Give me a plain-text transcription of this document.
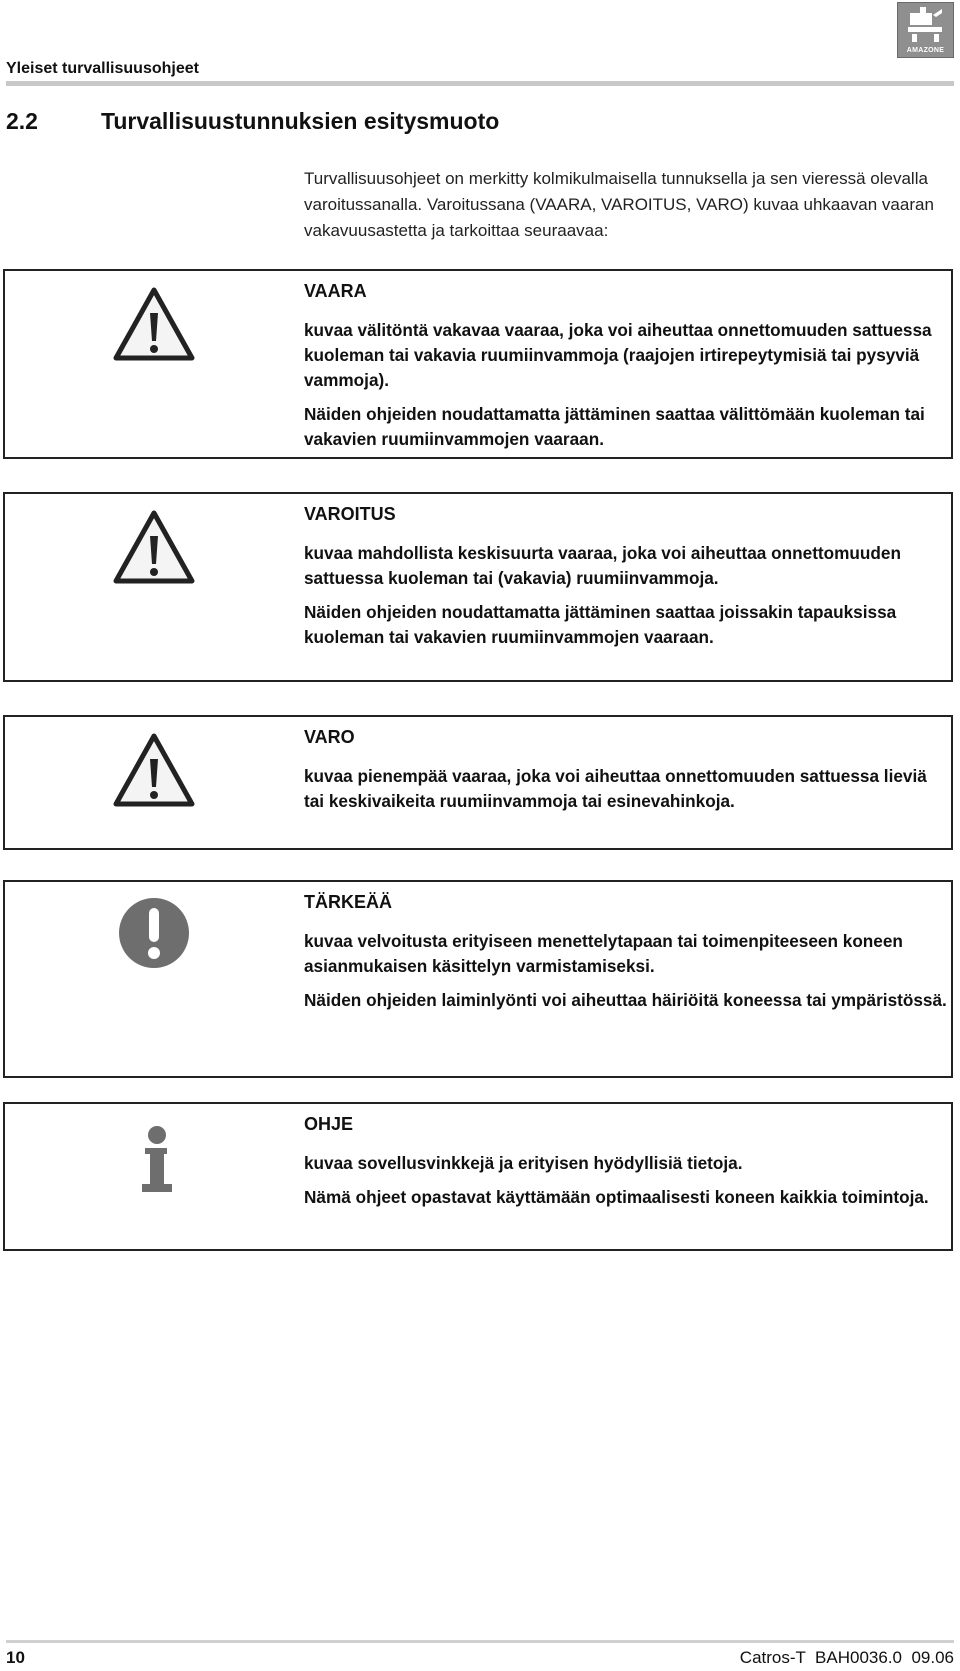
AMAZONE
Yleiset turvallisuusohjeet
2.2	Turvallisuustunnuksien esitysmuoto
Turvallisuusohjeet on merkitty kolmikulmaisella tunnuksella ja sen vieressä olevalla varoitussanalla. Varoitussana (VAARA, VAROITUS, VARO) kuvaa uhkaavan vaaran vakavuusastetta ja tarkoittaa seuraavaa:
VAARA
kuvaa välitöntä vakavaa vaaraa, joka voi aiheuttaa onnettomuuden sattuessa kuoleman tai vakavia ruumiinvammoja (raajojen irtirepeytymisiä tai pysyviä vammoja).
Näiden ohjeiden noudattamatta jättäminen saattaa välittömään kuoleman tai vakavien ruumiinvammojen vaaraan.
VAROITUS
kuvaa mahdollista keskisuurta vaaraa, joka voi aiheuttaa onnettomuuden sattuessa kuoleman tai (vakavia) ruumiinvammoja.
Näiden ohjeiden noudattamatta jättäminen saattaa joissakin tapauksissa kuoleman tai vakavien ruumiinvammojen vaaraan.
VARO
kuvaa pienempää vaaraa, joka voi aiheuttaa onnettomuuden sattuessa lieviä tai keskivaikeita ruumiinvammoja tai esinevahinkoja.
TÄRKEÄÄ
kuvaa velvoitusta erityiseen menettelytapaan tai toimenpiteeseen koneen asianmukaisen käsittelyn varmistamiseksi.
Näiden ohjeiden laiminlyönti voi aiheuttaa häiriöitä koneessa tai ympäristössä.
OHJE
kuvaa sovellusvinkkejä ja erityisen hyödyllisiä tietoja.
Nämä ohjeet opastavat käyttämään optimaalisesti koneen kaikkia toimintoja.
10	Catros-T  BAH0036.0  09.06
